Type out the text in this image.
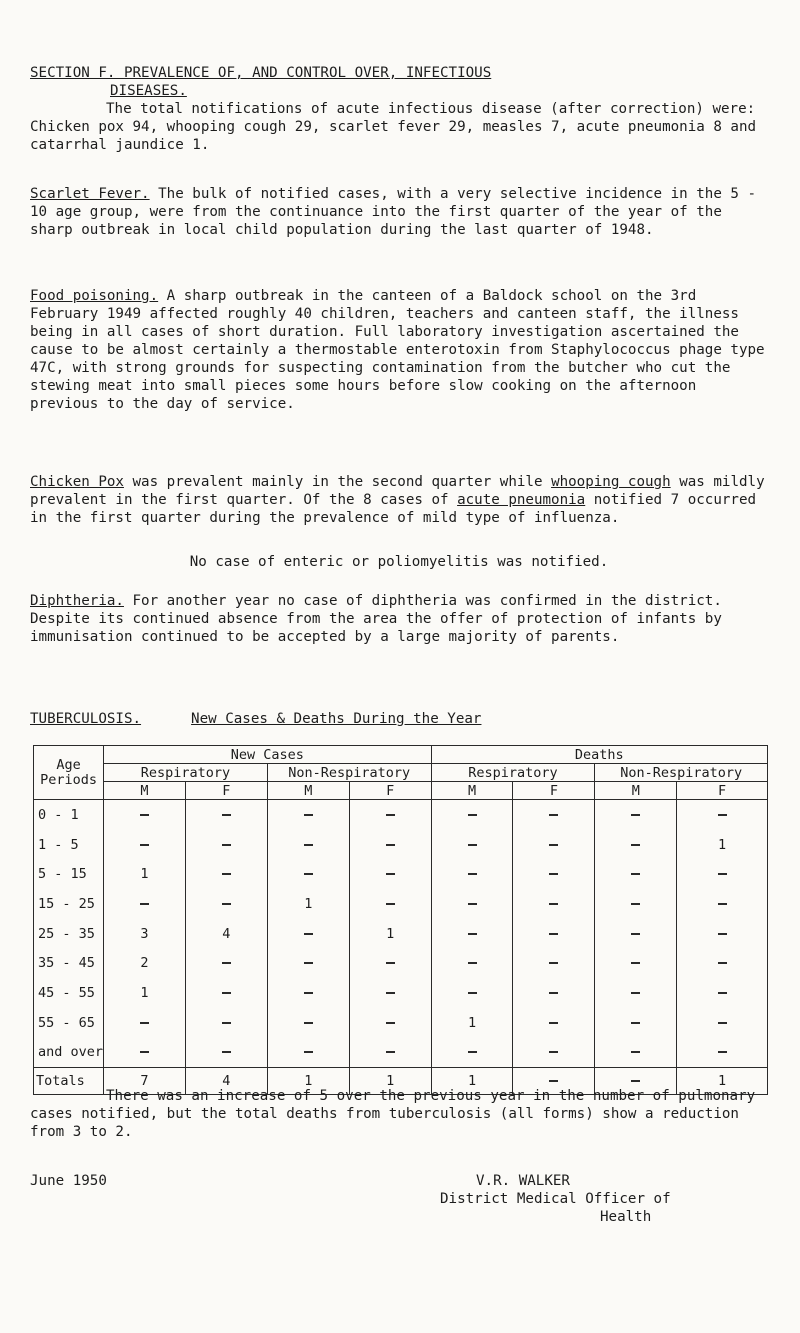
SECTION F. PREVALENCE OF, AND CONTROL OVER, INFECTIOUS
DISEASES.

The total notifications of acute infectious disease (after correction) were: Chicken pox 94, whooping cough 29, scarlet fever 29, measles 7, acute pneumonia 8 and catarrhal jaundice 1.

Scarlet Fever. The bulk of notified cases, with a very selective incidence in the 5 - 10 age group, were from the continuance into the first quarter of the year of the sharp outbreak in local child population during the last quarter of 1948.

Food poisoning. A sharp outbreak in the canteen of a Baldock school on the 3rd February 1949 affected roughly 40 children, teachers and canteen staff, the illness being in all cases of short duration. Full laboratory investigation ascertained the cause to be almost certainly a thermostable enterotoxin from Staphylococcus phage type 47C, with strong grounds for suspecting contamination from the butcher who cut the stewing meat into small pieces some hours before slow cooking on the afternoon previous to the day of service.

Chicken Pox was prevalent mainly in the second quarter while whooping cough was mildly prevalent in the first quarter. Of the 8 cases of acute pneumonia notified 7 occurred in the first quarter during the prevalence of mild type of influenza.

No case of enteric or poliomyelitis was notified.

Diphtheria. For another year no case of diphtheria was confirmed in the district. Despite its continued absence from the area the offer of protection of infants by immunisation continued to be accepted by a large majority of parents.

TUBERCULOSIS.	New Cases & Deaths During the Year
Age Periods	New Cases				Deaths			
	Respiratory		Non-Respiratory		Respiratory		Non-Respiratory	
	M	F	M	F	M	F	M	F
0 - 1								
1 - 5								1
5 - 15	1							
15 - 25			1					
25 - 35	3	4		1				
35 - 45	2							
45 - 55	1							
55 - 65					1			
and over								
Totals	7	4	1	1	1			1

There was an increase of 5 over the previous year in the number of pulmonary cases notified, but the total deaths from tuberculosis (all forms) show a reduction from 3 to 2.

June 1950	V.R. WALKER
District Medical Officer of
Health
